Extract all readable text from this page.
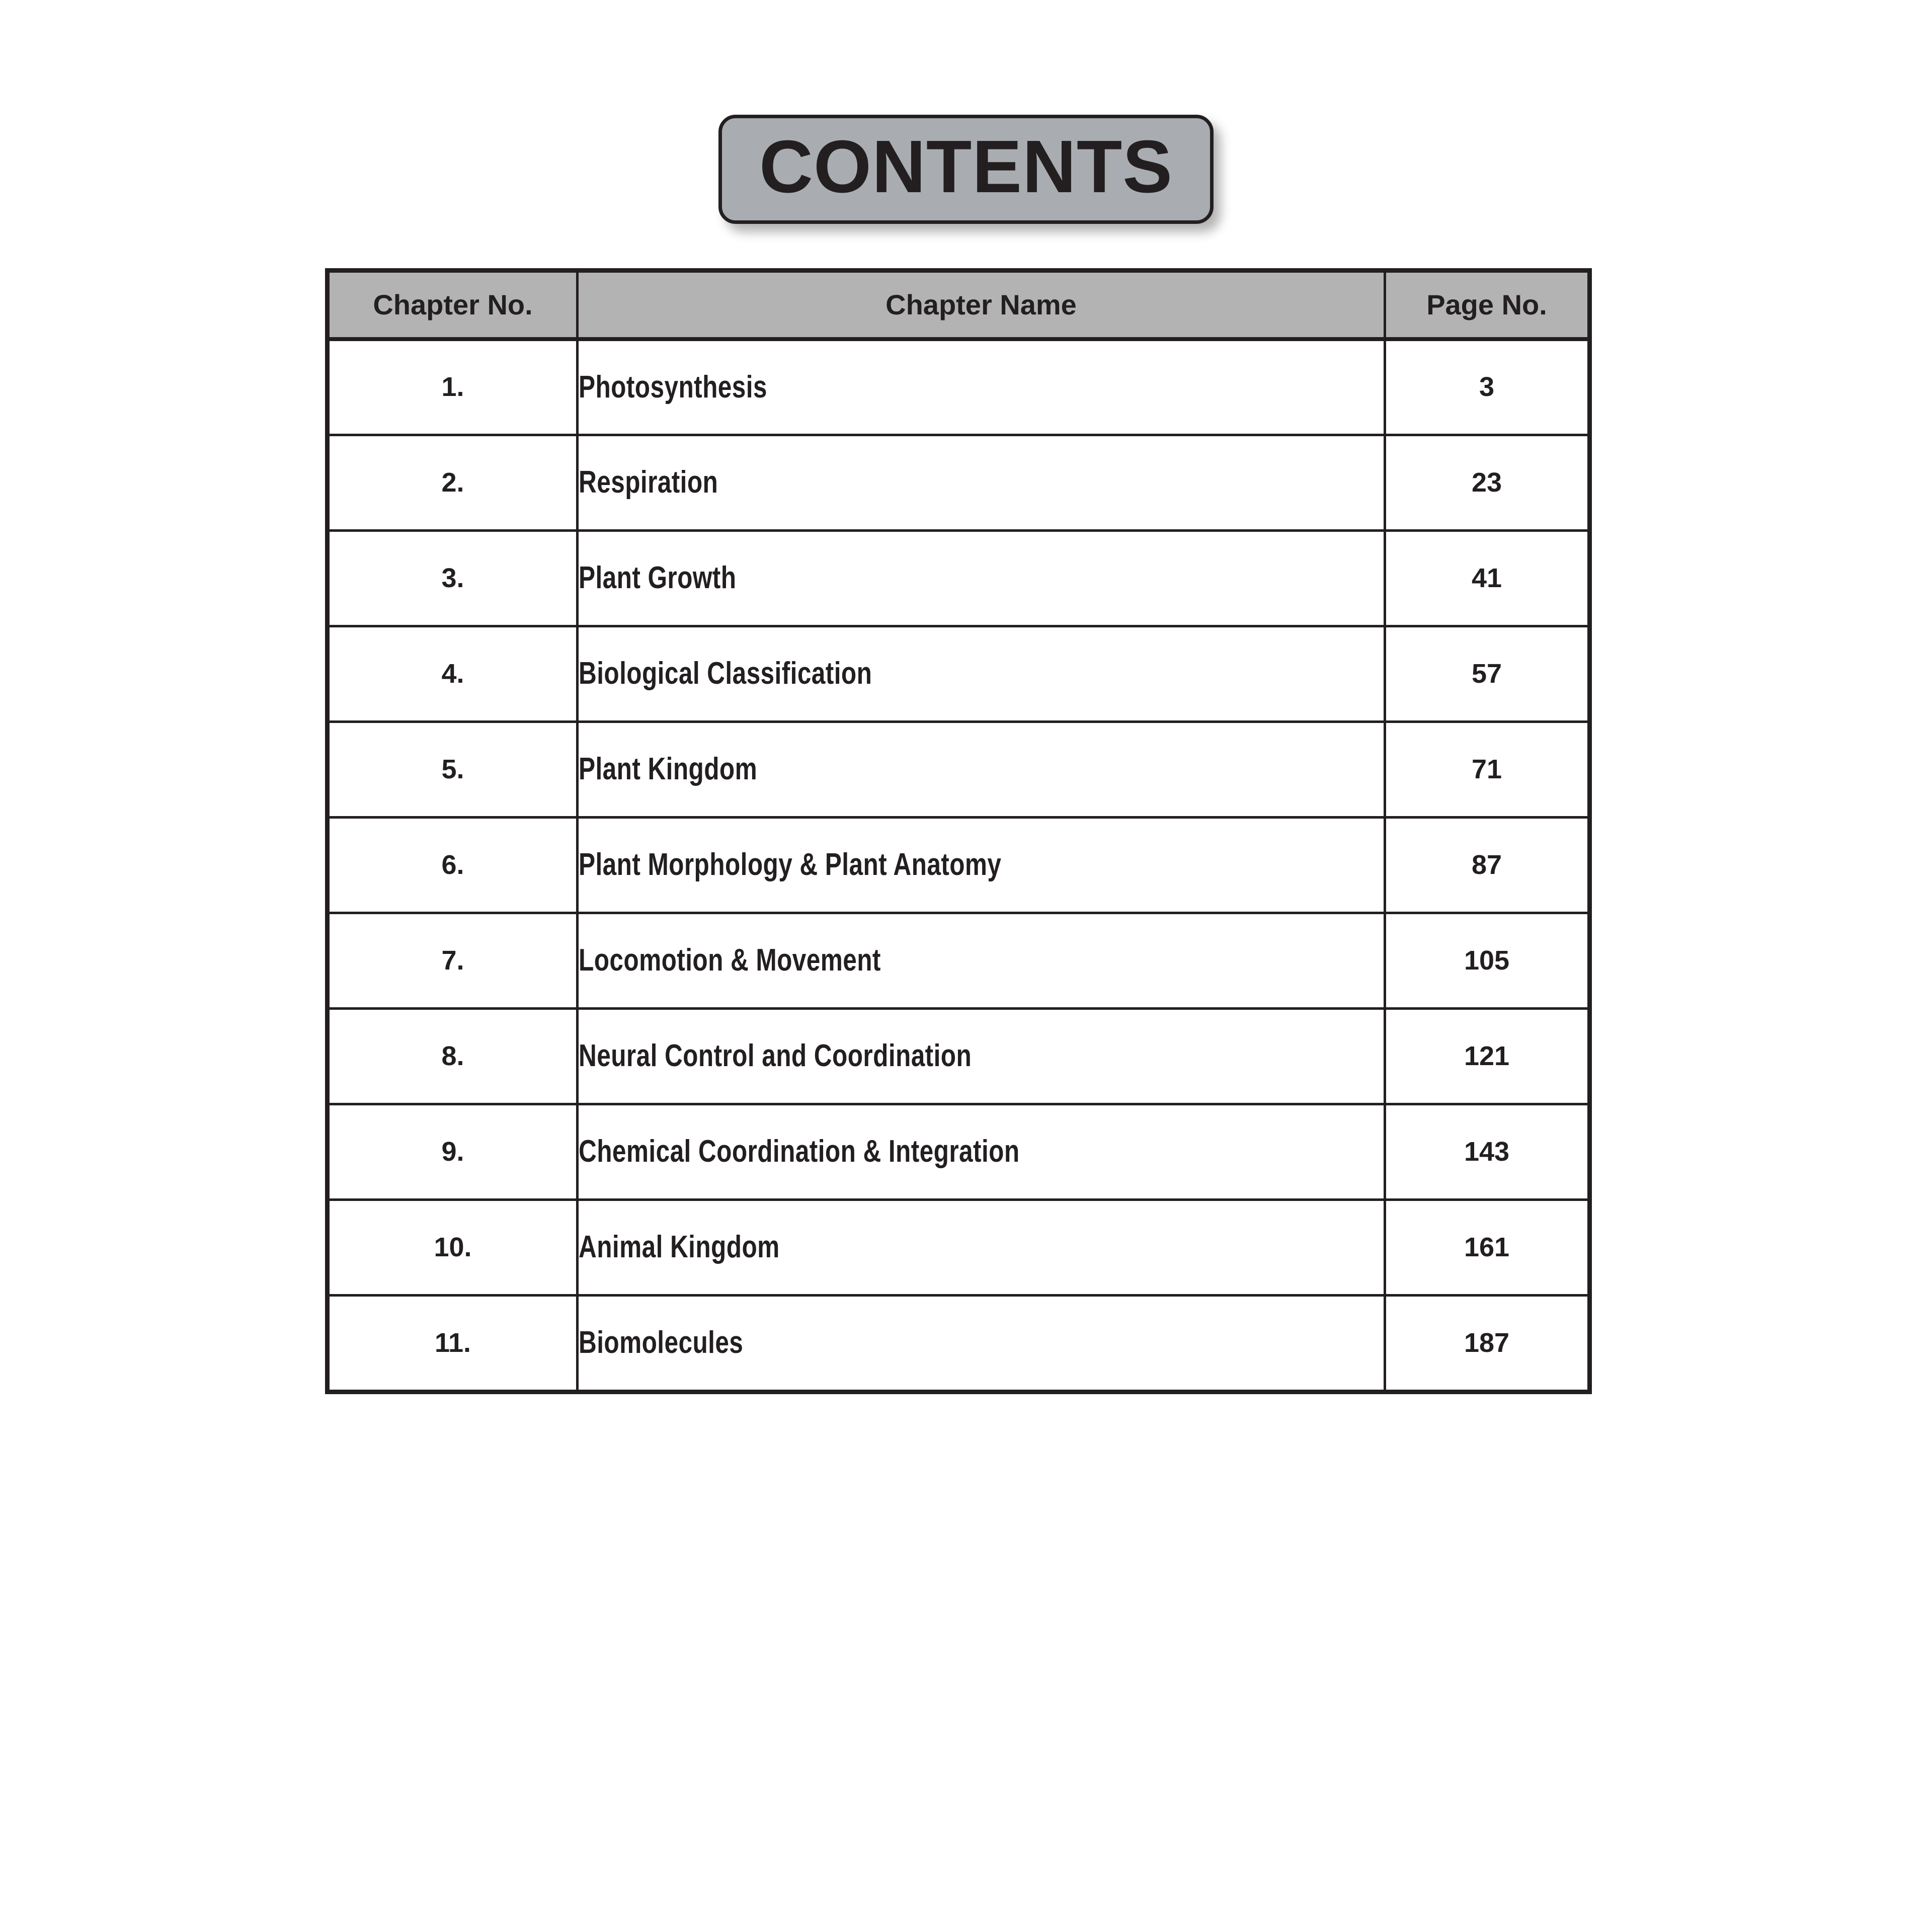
CONTENTS
Chapter No.	Chapter Name	Page No.

1.	Photosynthesis	3

2.	Respiration	23

3.	Plant Growth	41

4.	Biological Classification	57

5.	Plant Kingdom	71

6.	Plant Morphology & Plant Anatomy	87

7.	Locomotion & Movement	105

8.	Neural Control and Coordination	121

9.	Chemical Coordination & Integration	143

10.	Animal Kingdom	161

11.	Biomolecules	187
